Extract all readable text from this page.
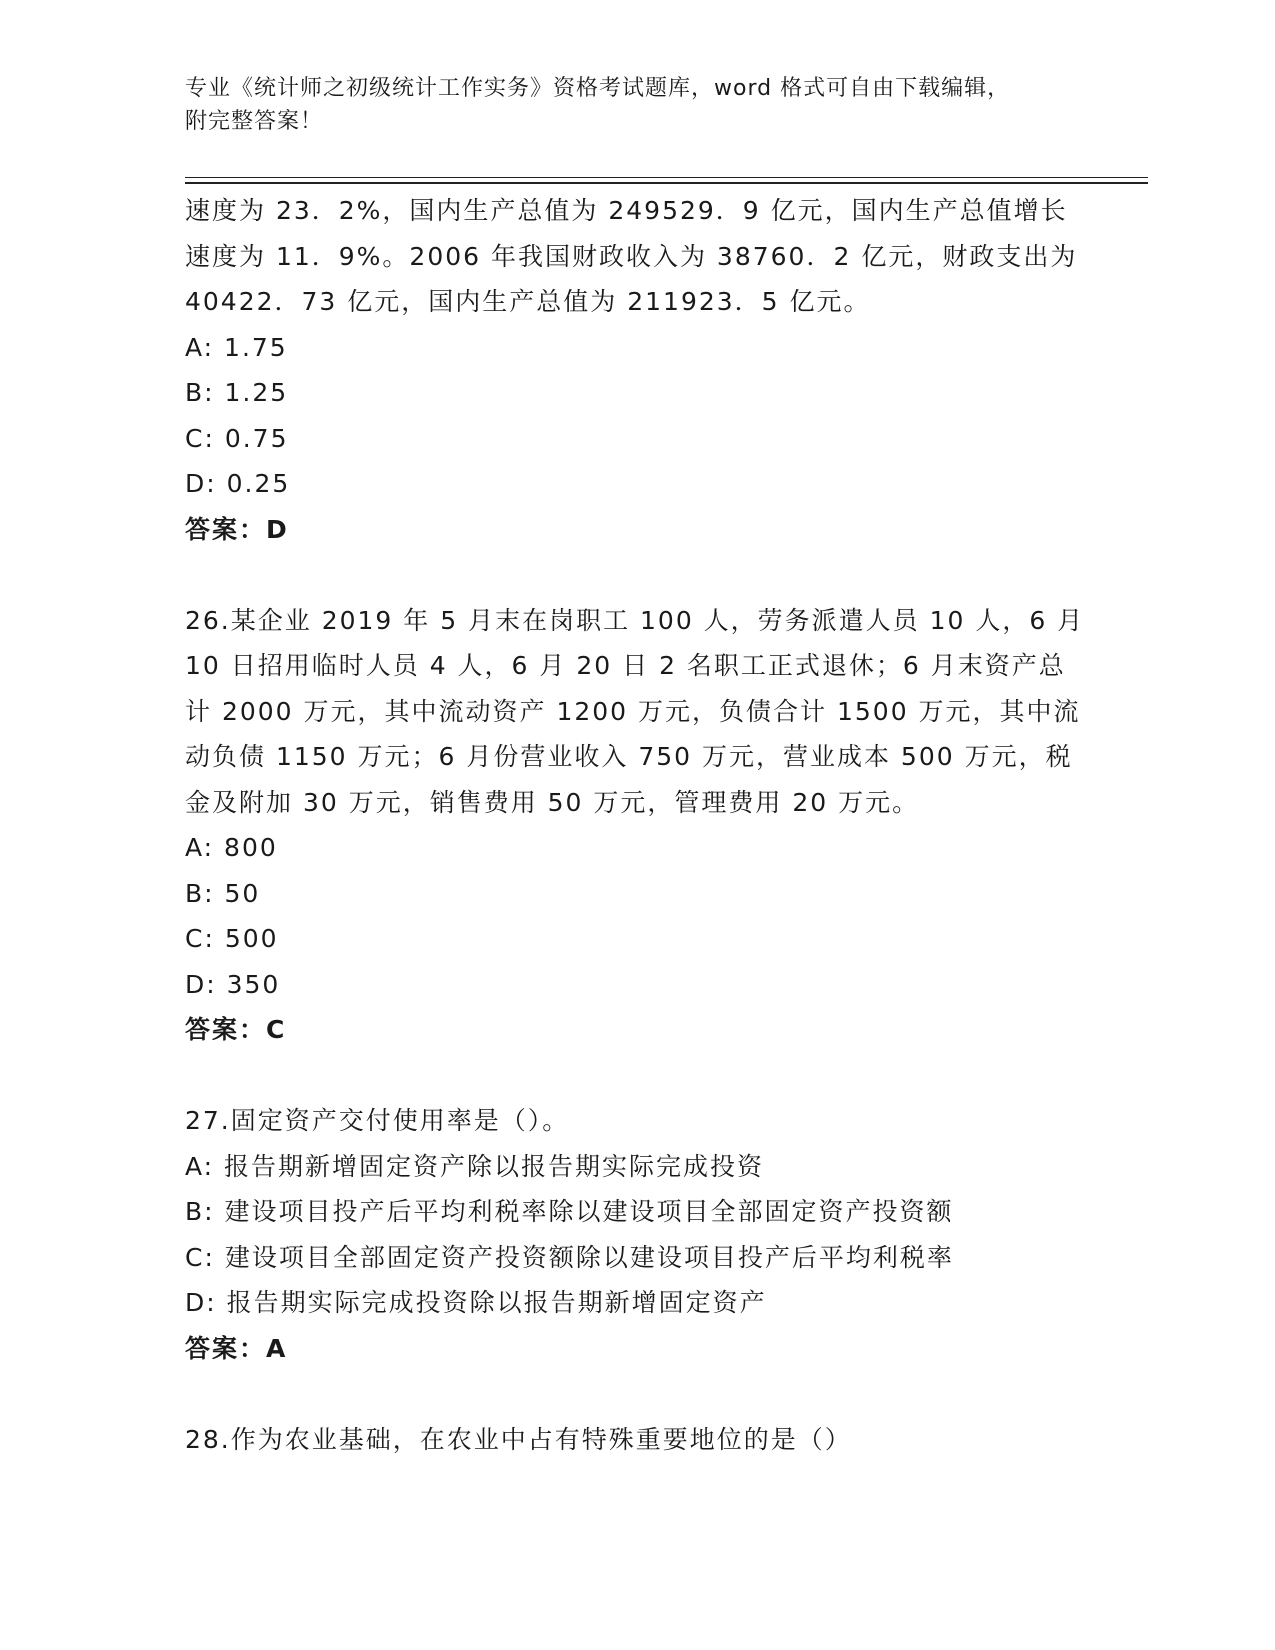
专业《统计师之初级统计工作实务》资格考试题库，word 格式可自由下载编辑，
附完整答案！

速度为 23．2%，国内生产总值为 249529．9 亿元，国内生产总值增长

速度为 11．9%。2006 年我国财政收入为 38760．2 亿元，财政支出为

40422．73 亿元，国内生产总值为 211923．5 亿元。

A: 1.75

B: 1.25

C: 0.75

D: 0.25

答案：D

26.某企业 2019 年 5 月末在岗职工 100 人，劳务派遣人员 10 人，6 月

10 日招用临时人员 4 人，6 月 20 日 2 名职工正式退休；6 月末资产总

计 2000 万元，其中流动资产 1200 万元，负债合计 1500 万元，其中流

动负债 1150 万元；6 月份营业收入 750 万元，营业成本 500 万元，税

金及附加 30 万元，销售费用 50 万元，管理费用 20 万元。

A: 800

B: 50

C: 500

D: 350

答案：C

27.固定资产交付使用率是（）。

A: 报告期新增固定资产除以报告期实际完成投资

B: 建设项目投产后平均利税率除以建设项目全部固定资产投资额

C: 建设项目全部固定资产投资额除以建设项目投产后平均利税率

D: 报告期实际完成投资除以报告期新增固定资产

答案：A

28.作为农业基础，在农业中占有特殊重要地位的是（）
